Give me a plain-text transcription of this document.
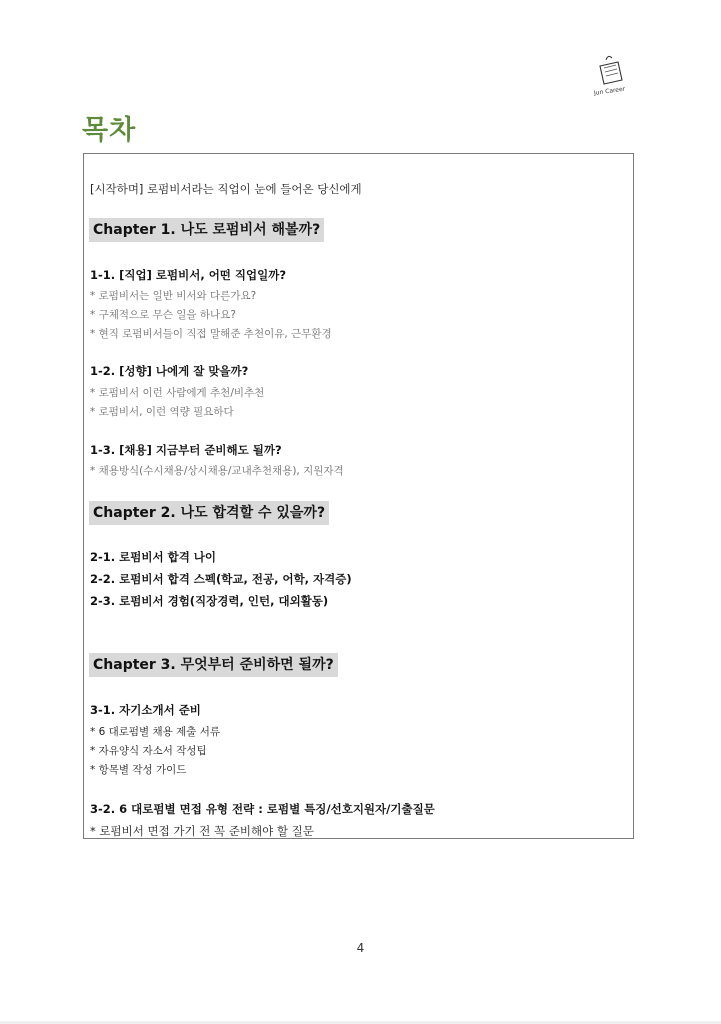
Jun Career
목차
[시작하며] 로펌비서라는 직업이 눈에 들어온 당신에게
Chapter 1. 나도 로펌비서 해볼까?
1-1. [직업] 로펌비서, 어떤 직업일까?
* 로펌비서는 일반 비서와 다른가요?
* 구체적으로 무슨 일을 하나요?
* 현직 로펌비서들이 직접 말해준 추천이유, 근무환경
1-2. [성향] 나에게 잘 맞을까?
* 로펌비서 이런 사람에게 추천/비추천
* 로펌비서, 이런 역량 필요하다
1-3. [채용] 지금부터 준비해도 될까?
* 채용방식(수시채용/상시채용/교내추천채용), 지원자격
Chapter 2. 나도 합격할 수 있을까?
2-1. 로펌비서 합격 나이
2-2. 로펌비서 합격 스펙(학교, 전공, 어학, 자격증)
2-3. 로펌비서 경험(직장경력, 인턴, 대외활동)
Chapter 3. 무엇부터 준비하면 될까?
3-1. 자기소개서 준비
* 6 대로펌별 채용 제출 서류
* 자유양식 자소서 작성팁
* 항목별 작성 가이드
3-2. 6 대로펌별 면접 유형 전략 : 로펌별 특징/선호지원자/기출질문
* 로펌비서 면접 가기 전 꼭 준비해야 할 질문
4
